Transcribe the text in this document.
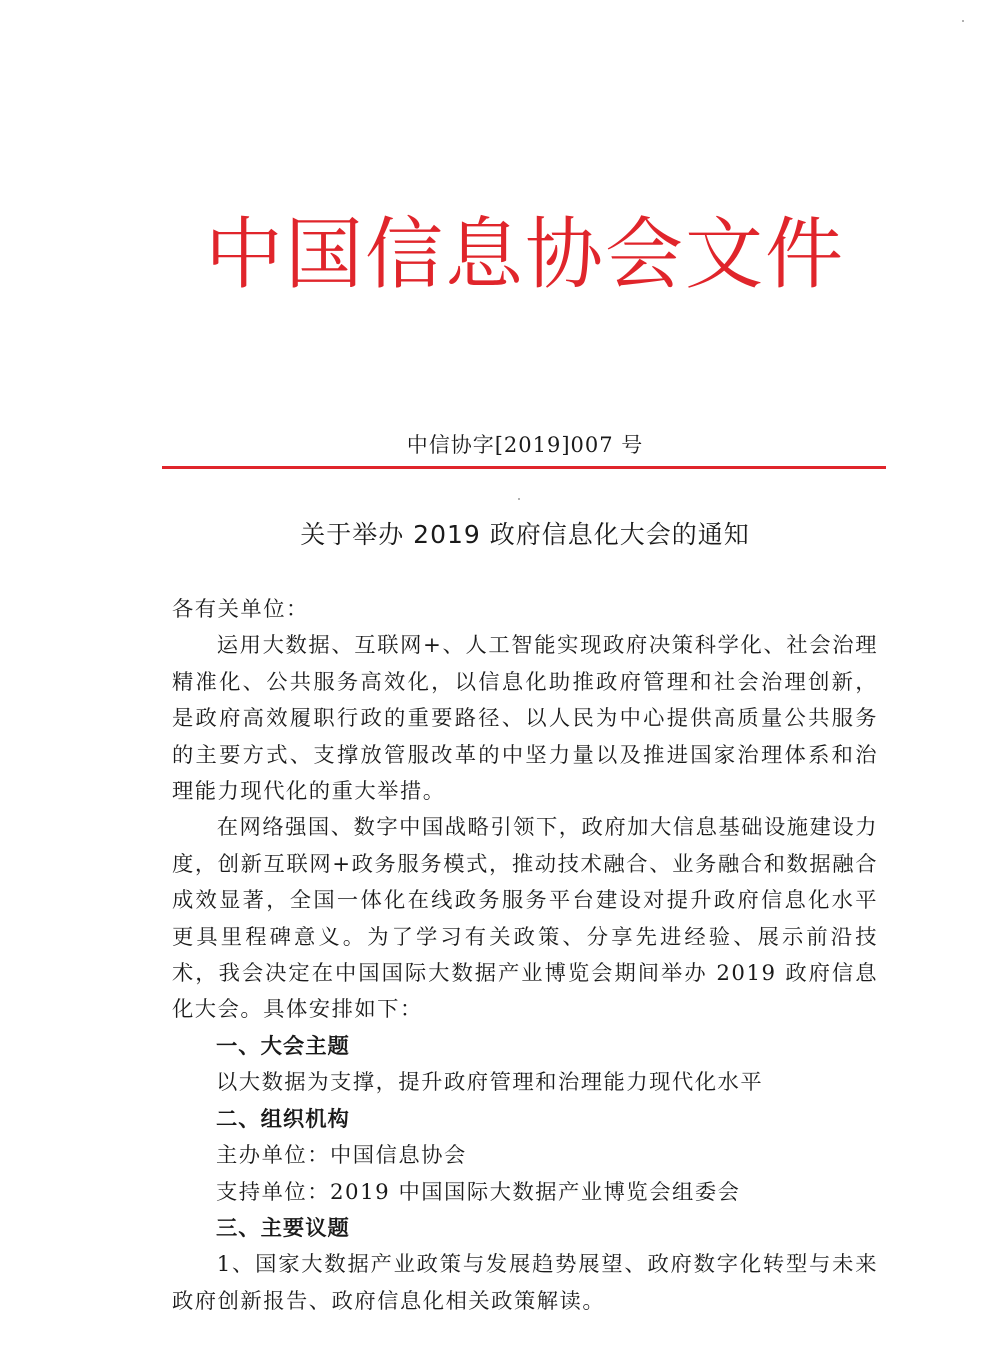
中国信息协会文件
中信协字[2019]007 号
关于举办 2019 政府信息化大会的通知

各有关单位：

运用大数据、互联网+、人工智能实现政府决策科学化、社会治理精准化、公共服务高效化，以信息化助推政府管理和社会治理创新，是政府高效履职行政的重要路径、以人民为中心提供高质量公共服务的主要方式、支撑放管服改革的中坚力量以及推进国家治理体系和治理能力现代化的重大举措。

在网络强国、数字中国战略引领下，政府加大信息基础设施建设力度，创新互联网+政务服务模式，推动技术融合、业务融合和数据融合成效显著，全国一体化在线政务服务平台建设对提升政府信息化水平更具里程碑意义。为了学习有关政策、分享先进经验、展示前沿技术，我会决定在中国国际大数据产业博览会期间举办 2019 政府信息化大会。具体安排如下：

一、大会主题

以大数据为支撑，提升政府管理和治理能力现代化水平

二、组织机构

主办单位：中国信息协会

支持单位：2019 中国国际大数据产业博览会组委会

三、主要议题

1、国家大数据产业政策与发展趋势展望、政府数字化转型与未来政府创新报告、政府信息化相关政策解读。
